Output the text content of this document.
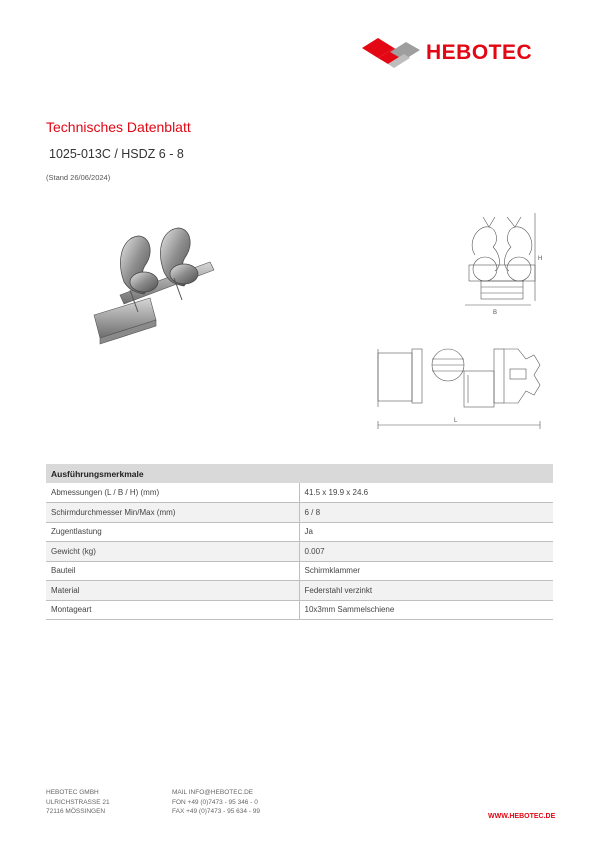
HEBOTEC
Technisches Datenblatt
1025-013C / HSDZ 6 - 8
(Stand 26/06/2024)
B
H
L
Ausführungsmerkmale	
Abmessungen (L / B / H) (mm)	41.5 x 19.9 x 24.6
Schirmdurchmesser Min/Max (mm)	6 / 8
Zugentlastung	Ja
Gewicht (kg)	0.007
Bauteil	Schirmklammer
Material	Federstahl verzinkt
Montageart	10x3mm Sammelschiene
HEBOTEC GMBH
ULRICHSTRASSE 21
72116 MÖSSINGEN
MAIL INFO@HEBOTEC.DE
FON +49 (0)7473 - 95 346 - 0
FAX +49 (0)7473 - 95 634 - 99
WWW.HEBOTEC.DE
